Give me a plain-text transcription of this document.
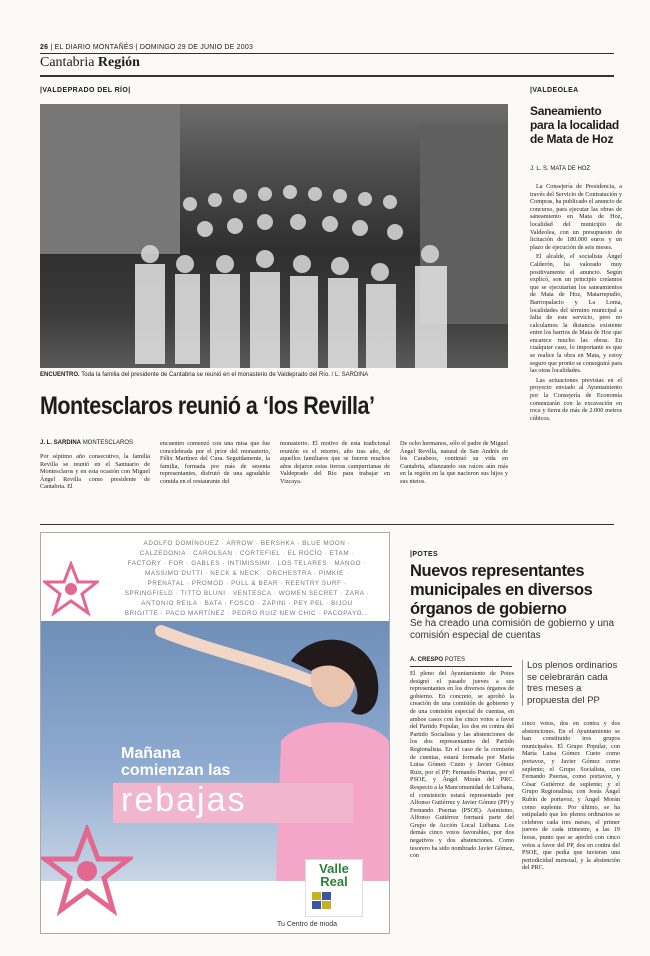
26 | EL DIARIO MONTAÑÉS | DOMINGO 29 DE JUNIO DE 2003
Cantabria Región
|VALDEPRADO DEL RÍO|
ENCUENTRO. Toda la familia del presidente de Cantabria se reunió en el monasterio de Valdeprado del Río. / L. SARDINA
Montesclaros reunió a ‘los Revilla’
J. L. SARDINA MONTESCLAROS
Por séptimo año consecutivo, la familia Revilla se reunió en el Santuario de Montesclaros y en esta ocasión con Miguel Ángel Revilla como presidente de Cantabria. El
encuentro comenzó con una misa que fue concelebrada por el prior del monasterio, Félix Martínez del Cura. Seguidamente, la familia, formada por más de sesenta representantes, disfrutó de una agradable comida en el restaurante del
monasterio. El motivo de esta tradicional reunión es el retorno, año tras año, de aquellos familiares que se fueron muchos años dejaron estas tierras campurrianas de Valdeprado del Río para trabajar en Vizcaya.
De ocho hermanos, sólo el padre de Miguel Ángel Revilla, natural de San Andrés de los Carabeos, continuó su vida en Cantabria, afianzando sus raíces aún más en la región en la que nacieron sus hijos y sus nietos.
|VALDEOLEA
Saneamiento para la localidad de Mata de Hoz
J. L. S. MATA DE HOZ

La Consejería de Presidencia, a través del Servicio de Contratación y Compras, ha publicado el anuncio de concurso, para ejecutar las obras de saneamiento en Mata de Hoz, localidad del municipio de Valdeolea, con un presupuesto de licitación de 180.000 euros y un plazo de ejecución de seis meses.

El alcalde, el socialista Ángel Calderón, ha valorado muy positivamente el anuncio. Según explicó, son un principio creíamos que se ejecutarían los saneamientos de Mata de Hoz, Matarrepudio, Barriopalacio y La Loma, localidades del término municipal a falta de este servicio, pero no calculamos la distancia existente entre los barrios de Mata de Hoz que encarece mucho las obras. En cualquier caso, lo importante es que se realice la obra en Mata, y estoy seguro que pronto se conseguirá para las otras localidades.

Las actuaciones previstas en el proyecto enviado al Ayuntamiento por la Consejería de Economía comenzarán con la excavación en roca y tierra de más de 2.000 metros cúbicos.

ADOLFO DOMÍNGUEZ · ARROW · BERSHKA · BLUE MOON ·
CALZEDONIA · CAROLSAN · CORTEFIEL · EL ROCÍO · ETAM ·
FACTORY · FOR · GABLES · INTIMISSIMI · LOS TELARES · MANGO ·
MASSIMO DUTTI · NECK & NECK · ORCHESTRA · PIMKIE ·
PRENATAL · PROMOD · PULL & BEAR · REENTRY SURF ·
SPRINGFIELD · TITTO BLUNI · VENTESCA · WOMEN SECRET · ZARA ·
ANTONIO REILA · BATA · FOSCO · ZAPINI · PEY PEL · BIJOU
BRIGITTE · PACO MARTÍNEZ · PEDRO RUIZ NEW CHIC · PACOPAYO...
Mañana
comienzan las
rebajas
Valle
Real
Tu Centro de moda
|POTES
Nuevos representantes municipales en diversos órganos de gobierno
Se ha creado una comisión de gobierno y una comisión especial de cuentas
A. CRESPO POTES
El pleno del Ayuntamiento de Potes designó el pasado jueves a sus representantes en los diversos órganos de gobierno. En concreto, se aprobó la creación de una comisión de gobierno y de una comisión especial de cuentas, en ambos casos con los cinco votos a favor del Partido Popular, los dos en contra del Partido Socialista y las abstenciones de los dos representantes del Partido Regionalista. En el caso de la comisión de cuentas, estará formada por María Luisa Gómez Cueto y Javier Gómez Ruiz, por el PP; Fernando Puertas, por el PSOE, y Ángel Morán del PRC. Respecto a la Mancomunidad de Liébana, el consistorio estará representado por Alfonso Gutiérrez y Javier Gómez (PP) y Fernando Puertas (PSOE). Asimismo, Alfonso Gutiérrez formará parte del Grupo de Acción Local Liébana. Los demás cinco votos favorables, por dos negativos y dos abstenciones. Como tesorero ha sido nombrado Javier Gómez, con
Los plenos ordinarios se celebrarán cada tres meses a propuesta del PP
cinco votos, dos en contra y dos abstenciones. En el Ayuntamiento se han constituido tres grupos municipales. El Grupo Popular, con María Luisa Gómez Cueto como portavoz, y Javier Gómez como suplente; el Grupo Socialista, con Fernando Puertas, como portavoz, y César Gutiérrez de suplente; y el Grupo Regionalista, con Jesús Ángel Rubín de portavoz, y Ángel Morán como suplente. Por último, se ha estipulado que los plenos ordinarios se celebren cada tres meses, el primer jueves de cada trimestre, a las 19 horas, punto que se aprobó con cinco votos a favor del PP, dos en contra del PSOE, que pedía que tuvieran una periodicidad mensual, y la abstención del PRC.
